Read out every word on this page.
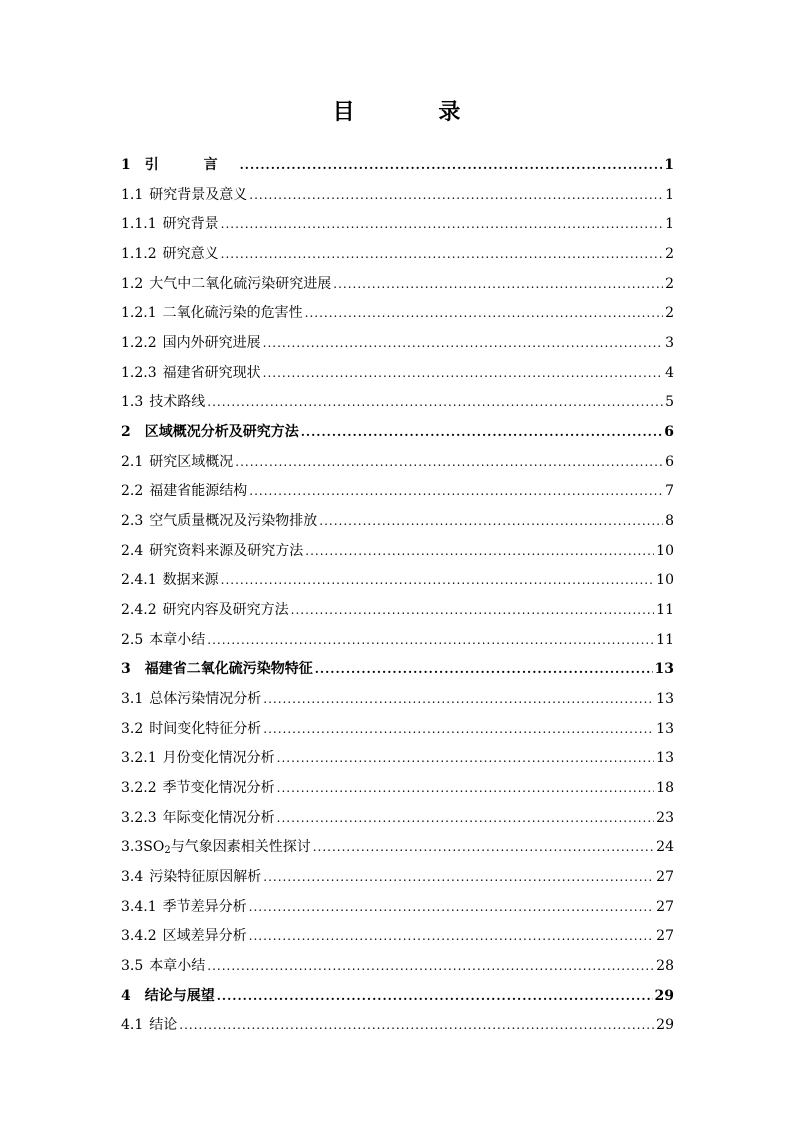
目 录
1	引 言 .....	1
1.1 研究背景及意义 .....	1
1.1.1 研究背景 .....	1
1.1.2 研究意义 .....	2
1.2 大气中二氧化硫污染研究进展 .....	2
1.2.1 二氧化硫污染的危害性 .....	2
1.2.2 国内外研究进展 .....	3
1.2.3 福建省研究现状 .....	4
1.3 技术路线 .....	5
2	区域概况分析及研究方法 .....	6
2.1 研究区域概况 .....	6
2.2 福建省能源结构 .....	7
2.3 空气质量概况及污染物排放 .....	8
2.4 研究资料来源及研究方法 .....	10
2.4.1 数据来源 .....	10
2.4.2 研究内容及研究方法 .....	11
2.5 本章小结 .....	11
3	福建省二氧化硫污染物特征 .....	13
3.1 总体污染情况分析 .....	13
3.2 时间变化特征分析 .....	13
3.2.1 月份变化情况分析 .....	13
3.2.2 季节变化情况分析 .....	18
3.2.3 年际变化情况分析 .....	23
3.3 SO2与气象因素相关性探讨 .....	24
3.4 污染特征原因解析 .....	27
3.4.1 季节差异分析 .....	27
3.4.2 区域差异分析 .....	27
3.5 本章小结 .....	28
4	结论与展望 .....	29
4.1 结论 .....	29
